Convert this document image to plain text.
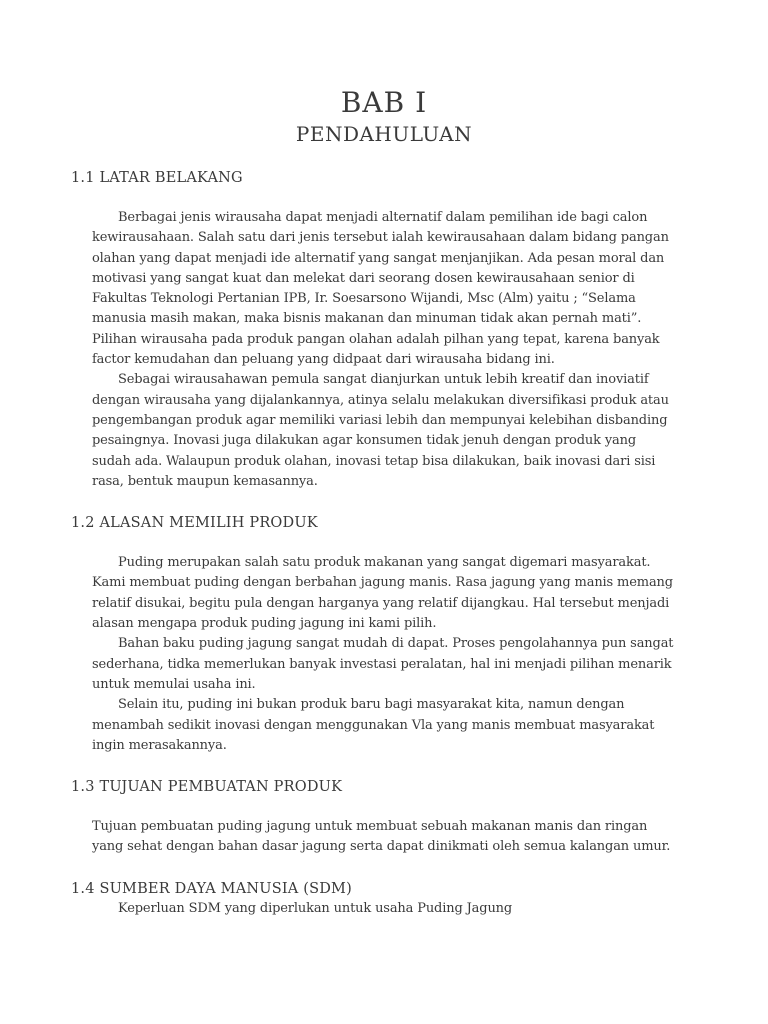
BAB I
PENDAHULUAN
1.1 LATAR BELAKANG

Berbagai jenis wirausaha dapat menjadi alternatif dalam pemilihan ide bagi calon kewirausahaan. Salah satu dari jenis tersebut ialah kewirausahaan dalam bidang pangan olahan yang dapat menjadi ide alternatif yang sangat menjanjikan. Ada pesan moral dan motivasi yang sangat kuat dan melekat dari seorang dosen kewirausahaan senior di Fakultas Teknologi Pertanian IPB, Ir. Soesarsono Wijandi, Msc (Alm) yaitu ; “Selama manusia masih makan, maka bisnis makanan dan minuman tidak akan pernah mati”. Pilihan wirausaha pada produk pangan olahan adalah pilhan yang tepat, karena banyak factor kemudahan dan peluang yang didpaat dari wirausaha bidang ini.

Sebagai wirausahawan pemula sangat dianjurkan untuk lebih kreatif dan inoviatif dengan wirausaha yang dijalankannya, atinya selalu melakukan diversifikasi produk atau pengembangan produk agar memiliki variasi lebih dan mempunyai kelebihan disbanding pesaingnya. Inovasi juga dilakukan agar konsumen tidak jenuh dengan produk yang sudah ada. Walaupun produk olahan, inovasi tetap bisa dilakukan, baik inovasi dari sisi rasa, bentuk maupun kemasannya.

1.2 ALASAN MEMILIH PRODUK

Puding merupakan salah satu produk makanan yang sangat digemari masyarakat. Kami membuat puding dengan berbahan jagung manis. Rasa jagung yang manis memang relatif disukai, begitu pula dengan harganya yang relatif dijangkau. Hal tersebut menjadi alasan mengapa produk puding jagung ini kami pilih.

Bahan baku puding jagung sangat mudah di dapat. Proses pengolahannya pun sangat sederhana, tidka memerlukan banyak investasi peralatan, hal ini menjadi pilihan menarik untuk memulai usaha ini.

Selain itu, puding ini bukan produk baru bagi masyarakat kita, namun dengan menambah sedikit inovasi dengan menggunakan Vla yang manis membuat masyarakat ingin merasakannya.

1.3 TUJUAN PEMBUATAN PRODUK

Tujuan pembuatan puding jagung untuk membuat sebuah makanan manis dan ringan yang sehat dengan bahan dasar jagung serta dapat dinikmati oleh semua kalangan umur.

1.4 SUMBER DAYA MANUSIA (SDM)

Keperluan SDM yang diperlukan untuk usaha Puding Jagung
